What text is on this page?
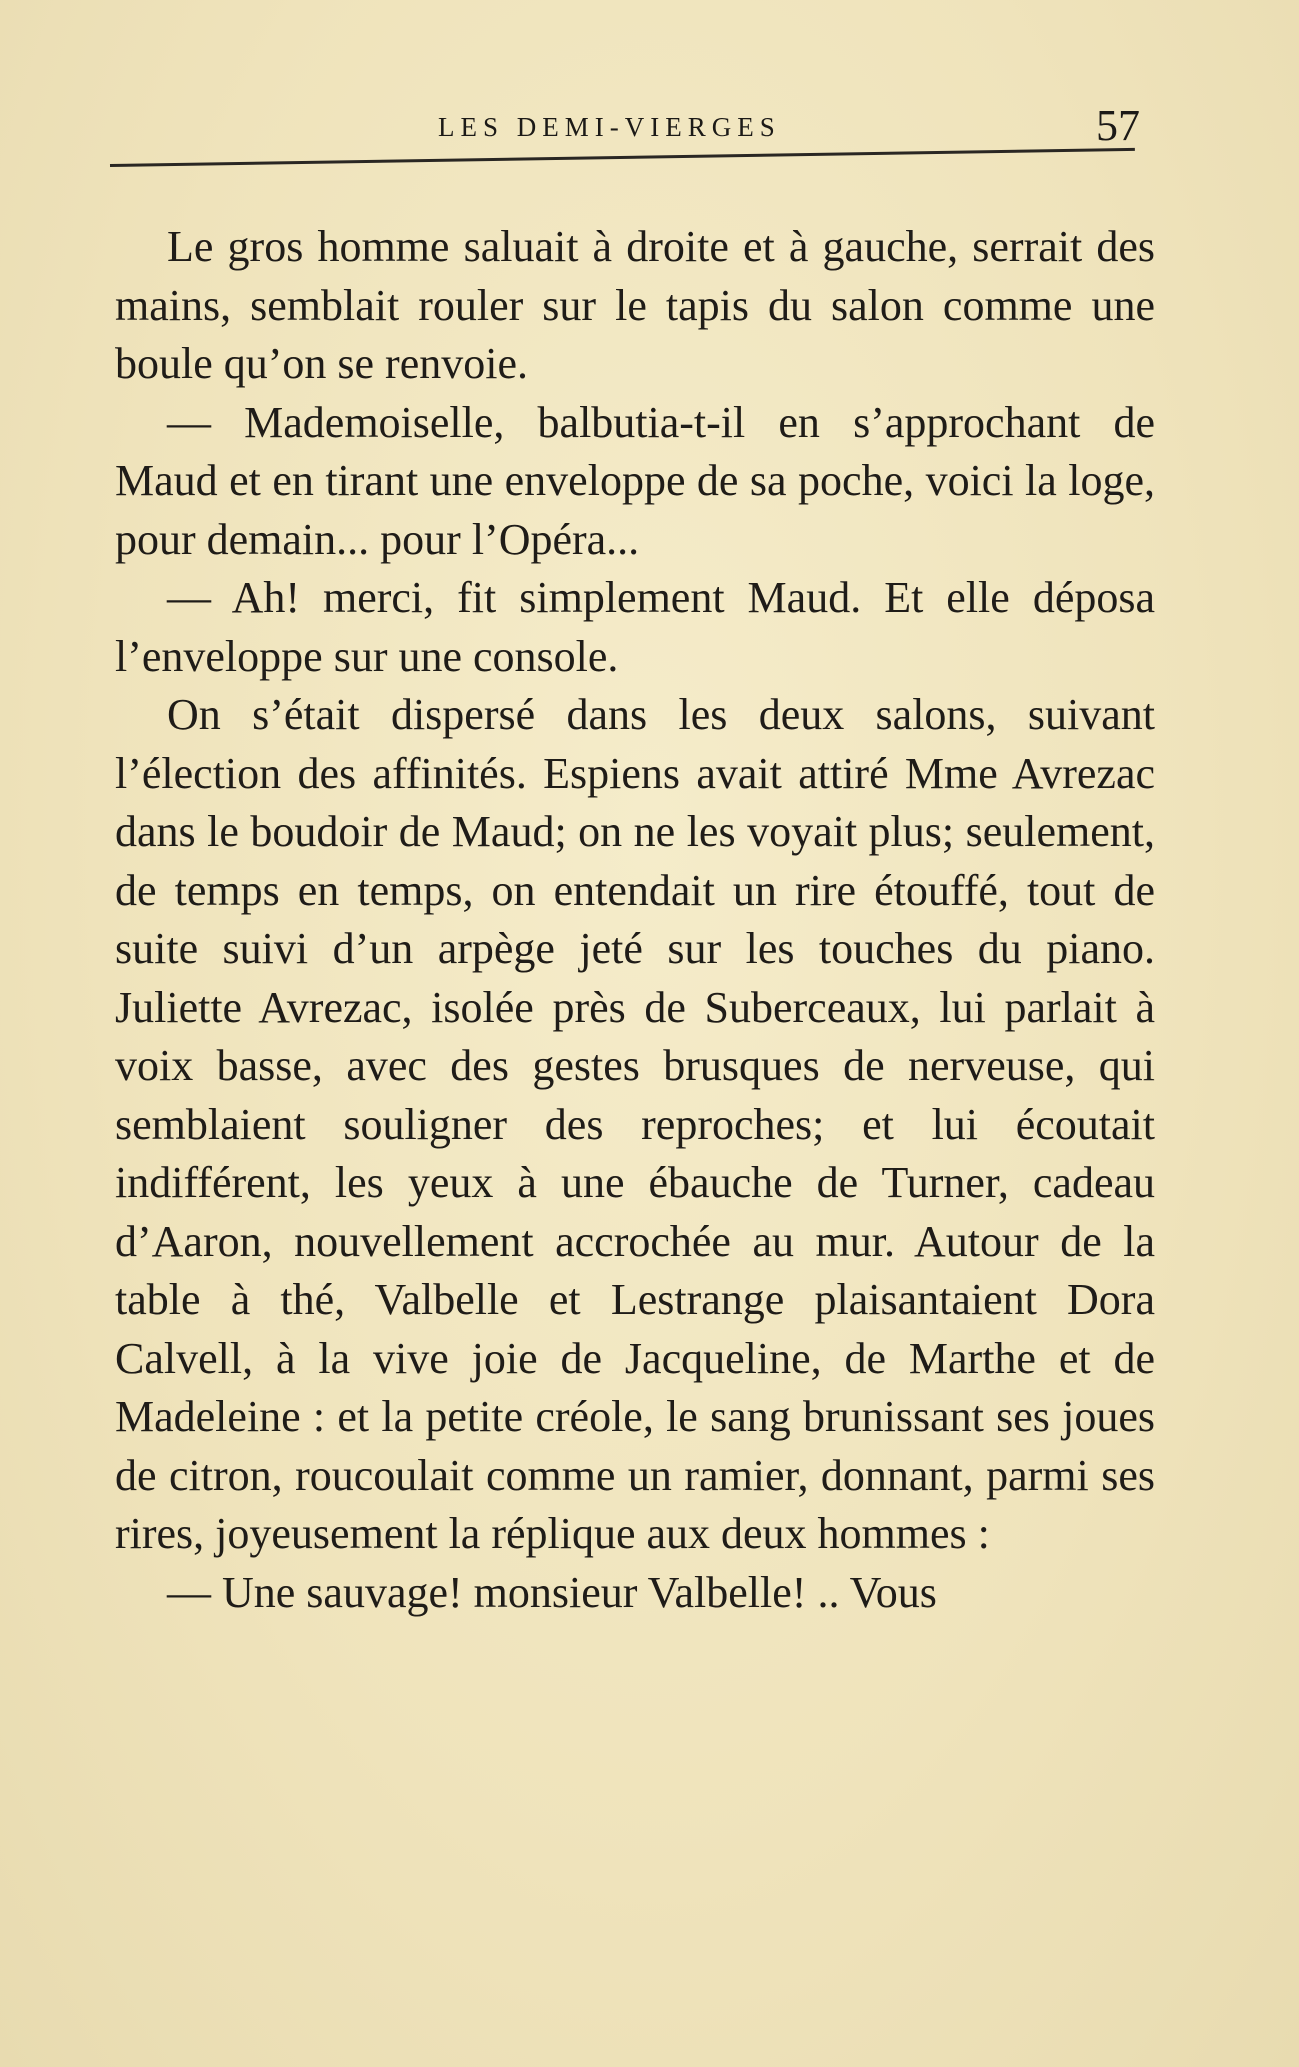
LES DEMI-VIERGES	57

Le gros homme saluait à droite et à gauche, serrait des mains, semblait rouler sur le tapis du salon comme une boule qu’on se renvoie.

— Mademoiselle, balbutia-t-il en s’approchant de Maud et en tirant une enveloppe de sa poche, voici la loge, pour demain... pour l’Opéra...

— Ah! merci, fit simplement Maud. Et elle déposa l’enveloppe sur une console.

On s’était dispersé dans les deux salons, suivant l’élection des affinités. Espiens avait attiré Mme Avrezac dans le boudoir de Maud; on ne les voyait plus; seulement, de temps en temps, on entendait un rire étouffé, tout de suite suivi d’un arpège jeté sur les touches du piano. Juliette Avrezac, isolée près de Suberceaux, lui parlait à voix basse, avec des gestes brusques de nerveuse, qui semblaient souligner des reproches; et lui écoutait indifférent, les yeux à une ébauche de Turner, cadeau d’Aaron, nouvellement accrochée au mur. Autour de la table à thé, Valbelle et Lestrange plaisantaient Dora Calvell, à la vive joie de Jacqueline, de Marthe et de Madeleine : et la petite créole, le sang brunissant ses joues de citron, roucoulait comme un ramier, donnant, parmi ses rires, joyeusement la réplique aux deux hommes :

— Une sauvage! monsieur Valbelle! .. Vous
